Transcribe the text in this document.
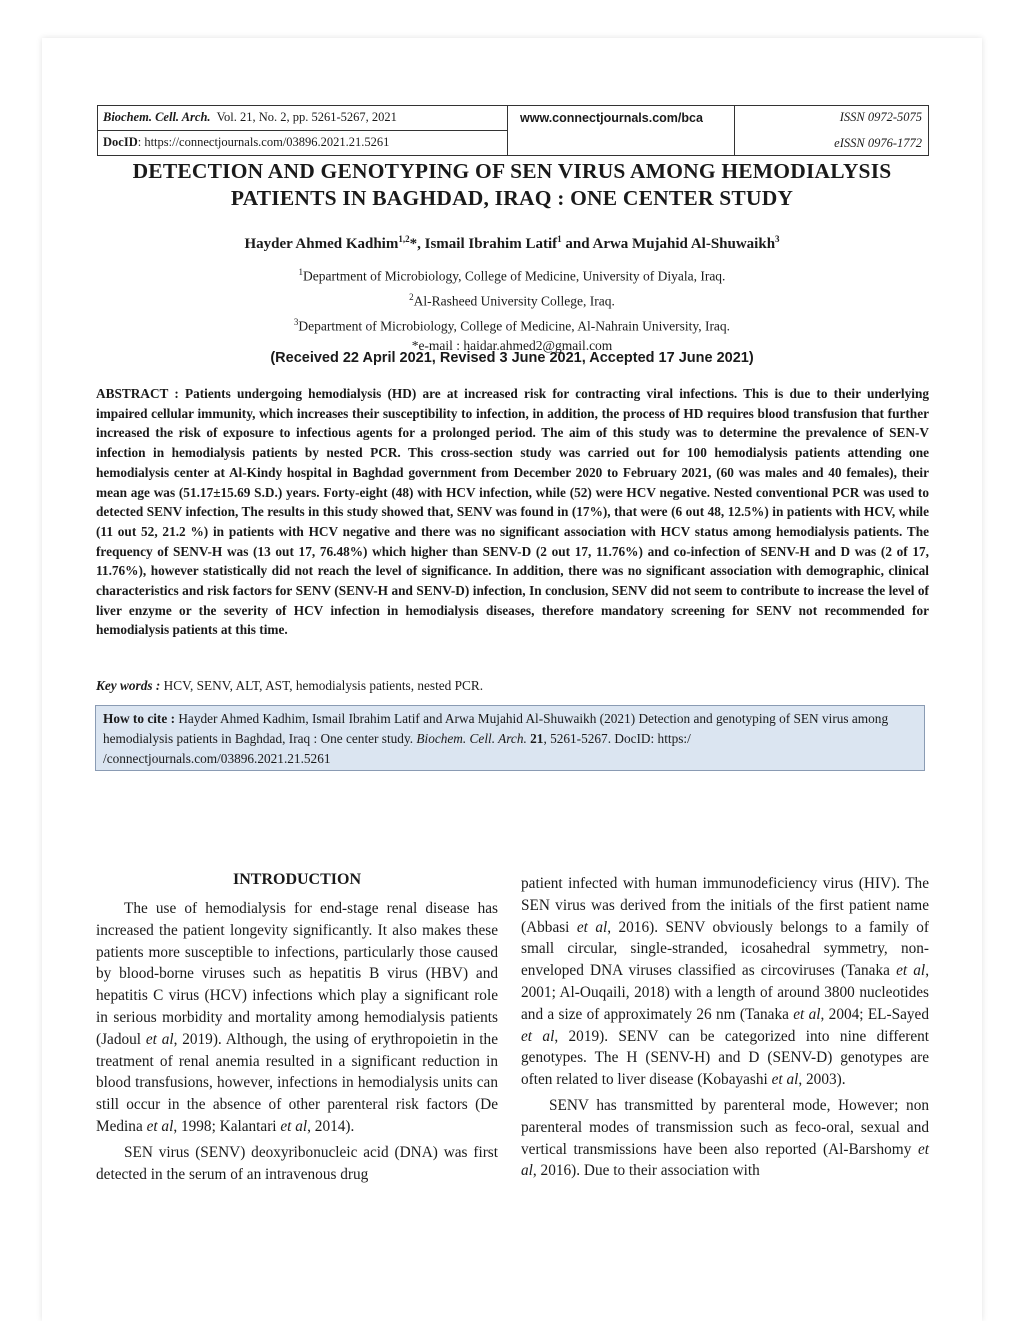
Biochem. Cell. Arch. Vol. 21, No. 2, pp. 5261-5267, 2021
DocID: https://connectjournals.com/03896.2021.21.5261
www.connectjournals.com/bca	ISSN 0972-5075
eISSN 0976-1772
DETECTION AND GENOTYPING OF SEN VIRUS AMONG HEMODIALYSIS
PATIENTS IN BAGHDAD, IRAQ : ONE CENTER STUDY
Hayder Ahmed Kadhim$^{1,2}$*, Ismail Ibrahim Latif$^1$ and Arwa Mujahid Al-Shuwaikh$^3$
$^1$Department of Microbiology, College of Medicine, University of Diyala, Iraq.
$^2$Al-Rasheed University College, Iraq.
$^3$Department of Microbiology, College of Medicine, Al-Nahrain University, Iraq.
*e-mail : haidar.ahmed2@gmail.com
(Received 22 April 2021, Revised 3 June 2021, Accepted 17 June 2021)
ABSTRACT : Patients undergoing hemodialysis (HD) are at increased risk for contracting viral infections. This is due to their underlying impaired cellular immunity, which increases their susceptibility to infection, in addition, the process of HD requires blood transfusion that further increased the risk of exposure to infectious agents for a prolonged period. The aim of this study was to determine the prevalence of SEN-V infection in hemodialysis patients by nested PCR. This cross-section study was carried out for 100 hemodialysis patients attending one hemodialysis center at Al-Kindy hospital in Baghdad government from December 2020 to February 2021, (60 was males and 40 females), their mean age was (51.17±15.69 S.D.) years. Forty-eight (48) with HCV infection, while (52) were HCV negative. Nested conventional PCR was used to detected SENV infection, The results in this study showed that, SENV was found in (17%), that were (6 out 48, 12.5%) in patients with HCV, while (11 out 52, 21.2 %) in patients with HCV negative and there was no significant association with HCV status among hemodialysis patients. The frequency of SENV-H was (13 out 17, 76.48%) which higher than SENV-D (2 out 17, 11.76%) and co-infection of SENV-H and D was (2 of 17, 11.76%), however statistically did not reach the level of significance. In addition, there was no significant association with demographic, clinical characteristics and risk factors for SENV (SENV-H and SENV-D) infection, In conclusion, SENV did not seem to contribute to increase the level of liver enzyme or the severity of HCV infection in hemodialysis diseases, therefore mandatory screening for SENV not recommended for hemodialysis patients at this time.
Key words : HCV, SENV, ALT, AST, hemodialysis patients, nested PCR.
How to cite : Hayder Ahmed Kadhim, Ismail Ibrahim Latif and Arwa Mujahid Al-Shuwaikh (2021) Detection and genotyping of SEN virus among hemodialysis patients in Baghdad, Iraq : One center study. Biochem. Cell. Arch. 21, 5261-5267. DocID: https:/ /connectjournals.com/03896.2021.21.5261
INTRODUCTION

The use of hemodialysis for end-stage renal disease has increased the patient longevity significantly. It also makes these patients more susceptible to infections, particularly those caused by blood-borne viruses such as hepatitis B virus (HBV) and hepatitis C virus (HCV) infections which play a significant role in serious morbidity and mortality among hemodialysis patients (Jadoul et al, 2019). Although, the using of erythropoietin in the treatment of renal anemia resulted in a significant reduction in blood transfusions, however, infections in hemodialysis units can still occur in the absence of other parenteral risk factors (De Medina et al, 1998; Kalantari et al, 2014).

SEN virus (SENV) deoxyribonucleic acid (DNA) was first detected in the serum of an intravenous drug

patient infected with human immunodeficiency virus (HIV). The SEN virus was derived from the initials of the first patient name (Abbasi et al, 2016). SENV obviously belongs to a family of small circular, single-stranded, icosahedral symmetry, non-enveloped DNA viruses classified as circoviruses (Tanaka et al, 2001; Al-Ouqaili, 2018) with a length of around 3800 nucleotides and a size of approximately 26 nm (Tanaka et al, 2004; EL-Sayed et al, 2019). SENV can be categorized into nine different genotypes. The H (SENV-H) and D (SENV-D) genotypes are often related to liver disease (Kobayashi et al, 2003).

SENV has transmitted by parenteral mode, However; non parenteral modes of transmission such as feco-oral, sexual and vertical transmissions have been also reported (Al-Barshomy et al, 2016). Due to their association with
